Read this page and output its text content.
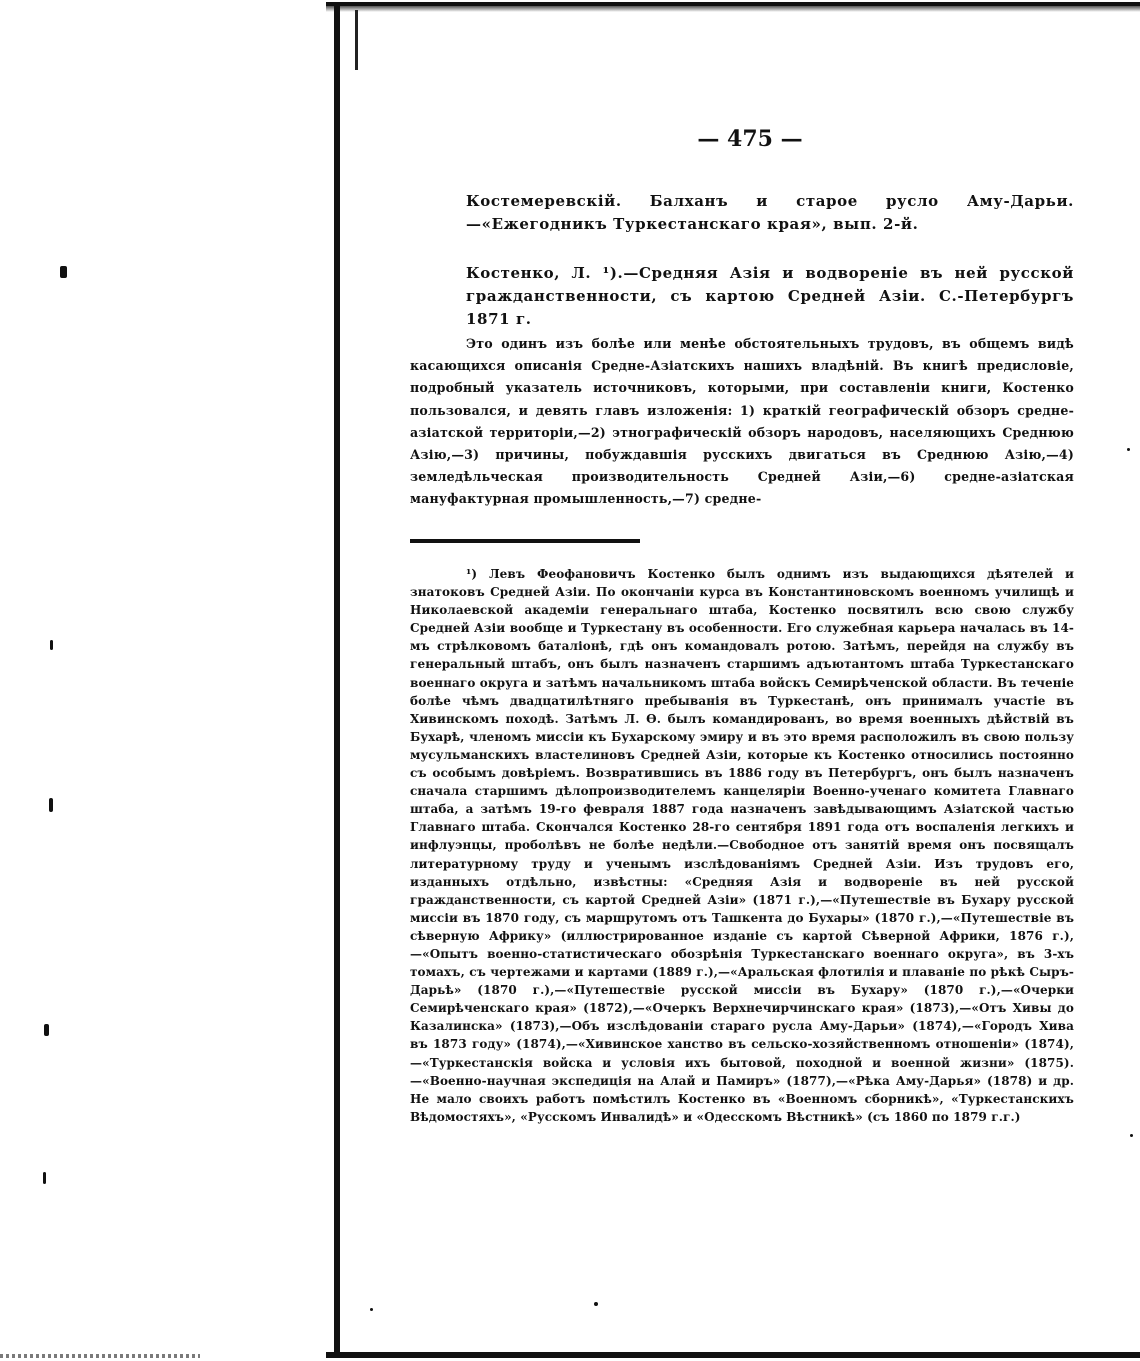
— 475 —
Костемеревскій. Балханъ и старое русло Аму-Дарьи.—«Ежегодникъ Туркестанскаго края», вып. 2-й.
Костенко, Л. ¹).—Средняя Азія и водвореніе въ ней русской гражданственности, съ картою Средней Азіи. С.-Петербургъ 1871 г.
Это одинъ изъ болѣе или менѣе обстоятельныхъ трудовъ, въ общемъ видѣ касающихся описанія Средне-Азіатскихъ нашихъ владѣній. Въ книгѣ предисловіе, подробный указатель источниковъ, которыми, при составленіи книги, Костенко пользовался, и девять главъ изложенія: 1) краткій географическій обзоръ средне-азіатской территоріи,—2) этнографическій обзоръ народовъ, населяющихъ Среднюю Азію,—3) причины, побуждавшія русскихъ двигаться въ Среднюю Азію,—4) земледѣльческая производительность Средней Азіи,—6) средне-азіатская мануфактурная промышленность,—7) средне-
¹) Левъ Феофановичъ Костенко былъ однимъ изъ выдающихся дѣятелей и знатоковъ Средней Азіи. По окончаніи курса въ Константиновскомъ военномъ училищѣ и Николаевской академіи генеральнаго штаба, Костенко посвятилъ всю свою службу Средней Азіи вообще и Туркестану въ особенности. Его служебная карьера началась въ 14-мъ стрѣлковомъ баталіонѣ, гдѣ онъ командовалъ ротою. Затѣмъ, перейдя на службу въ генеральный штабъ, онъ былъ назначенъ старшимъ адъютантомъ штаба Туркестанскаго военнаго округа и затѣмъ начальникомъ штаба войскъ Семирѣченской области. Въ теченіе болѣе чѣмъ двадцатилѣтняго пребыванія въ Туркестанѣ, онъ принималъ участіе въ Хивинскомъ походѣ. Затѣмъ Л. Ѳ. былъ командированъ, во время военныхъ дѣйствій въ Бухарѣ, членомъ миссіи къ Бухарскому эмиру и въ это время расположилъ въ свою пользу мусульманскихъ властелиновъ Средней Азіи, которые къ Костенко относились постоянно съ особымъ довѣріемъ. Возвратившись въ 1886 году въ Петербургъ, онъ былъ назначенъ сначала старшимъ дѣлопроизводителемъ канцеляріи Военно-ученаго комитета Главнаго штаба, а затѣмъ 19-го февраля 1887 года назначенъ завѣдывающимъ Азіатской частью Главнаго штаба. Скончался Костенко 28-го сентября 1891 года отъ воспаленія легкихъ и инфлуэнцы, проболѣвъ не болѣе недѣли.—Свободное отъ занятій время онъ посвящалъ литературному труду и ученымъ изслѣдованіямъ Средней Азіи. Изъ трудовъ его, изданныхъ отдѣльно, извѣстны: «Средняя Азія и водвореніе въ ней русской гражданственности, съ картой Средней Азіи» (1871 г.),—«Путешествіе въ Бухару русской миссіи въ 1870 году, съ маршрутомъ отъ Ташкента до Бухары» (1870 г.),—«Путешествіе въ сѣверную Африку» (иллюстрированное изданіе съ картой Сѣверной Африки, 1876 г.),—«Опытъ военно-статистическаго обозрѣнія Туркестанскаго военнаго округа», въ 3-хъ томахъ, съ чертежами и картами (1889 г.),—«Аральская флотилія и плаваніе по рѣкѣ Сыръ-Дарьѣ» (1870 г.),—«Путешествіе русской миссіи въ Бухару» (1870 г.),—«Очерки Семирѣченскаго края» (1872),—«Очеркъ Верхнечирчинскаго края» (1873),—«Отъ Хивы до Казалинска» (1873),—Объ изслѣдованіи стараго русла Аму-Дарьи» (1874),—«Городъ Хива въ 1873 году» (1874),—«Хивинское ханство въ сельско-хозяйственномъ отношеніи» (1874),—«Туркестанскія войска и условія ихъ бытовой, походной и военной жизни» (1875).—«Военно-научная экспедиція на Алай и Памиръ» (1877),—«Рѣка Аму-Дарья» (1878) и др. Не мало своихъ работъ помѣстилъ Костенко въ «Военномъ сборникѣ», «Туркестанскихъ Вѣдомостяхъ», «Русскомъ Инвалидѣ» и «Одесскомъ Вѣстникѣ» (съ 1860 по 1879 г.г.)
